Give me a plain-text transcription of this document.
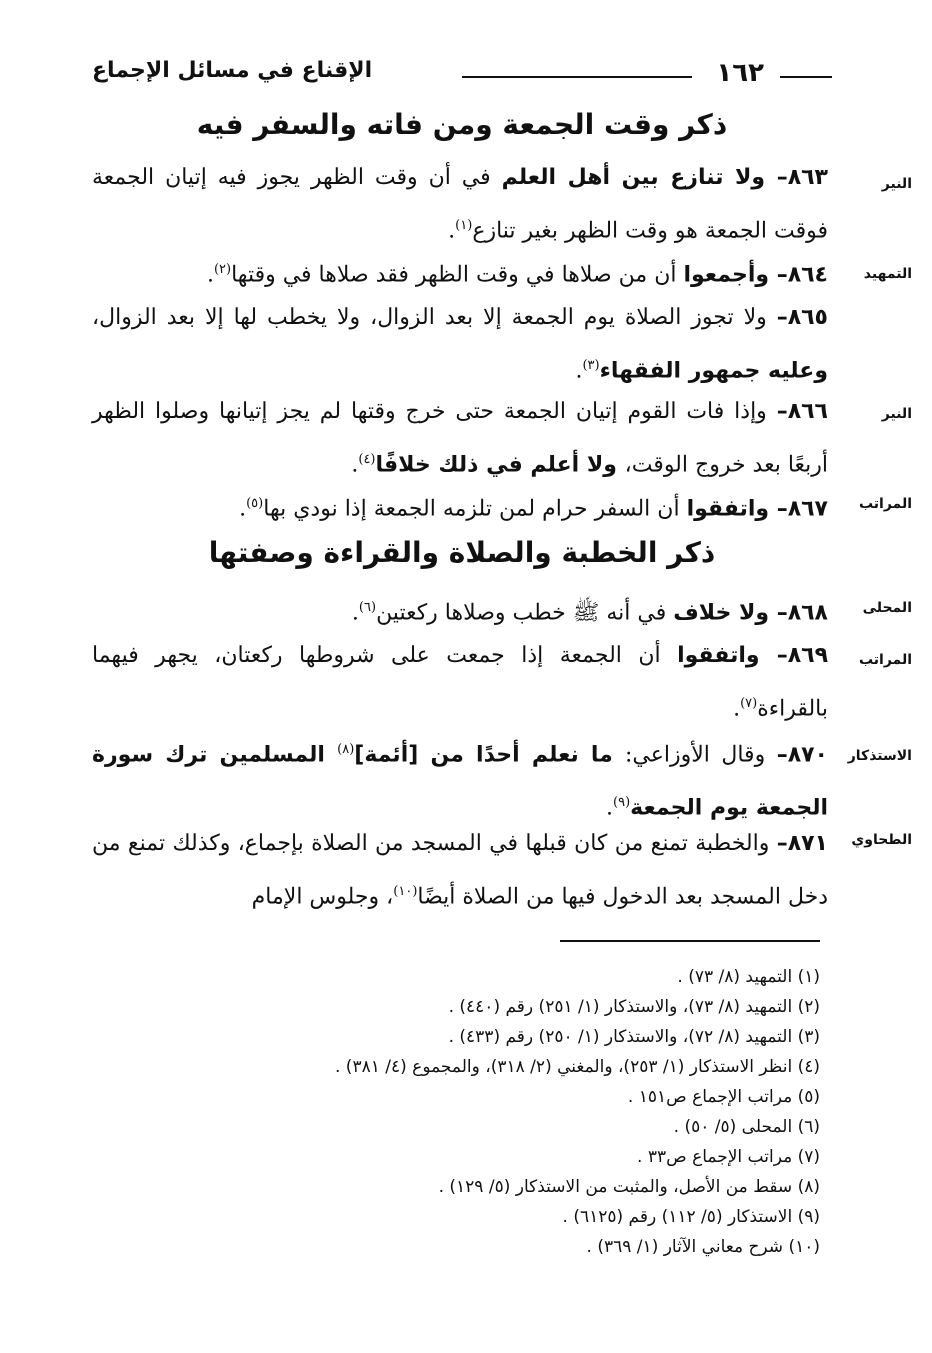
١٦٢
الإقناع في مسائل الإجماع
ذكر وقت الجمعة ومن فاته والسفر فيه
النير
٨٦٣– ولا تنازع بين أهل العلم في أن وقت الظهر يجوز فيه إتيان الجمعة فوقت الجمعة هو وقت الظهر بغير تنازع$^{(١)}$.
التمهيد
٨٦٤– وأجمعوا أن من صلاها في وقت الظهر فقد صلاها في وقتها$^{(٢)}$.
٨٦٥– ولا تجوز الصلاة يوم الجمعة إلا بعد الزوال، ولا يخطب لها إلا بعد الزوال، وعليه جمهور الفقهاء$^{(٣)}$.
النير
٨٦٦– وإذا فات القوم إتيان الجمعة حتى خرج وقتها لم يجز إتيانها وصلوا الظهر أربعًا بعد خروج الوقت، ولا أعلم في ذلك خلافًا$^{(٤)}$.
المراتب
٨٦٧– واتفقوا أن السفر حرام لمن تلزمه الجمعة إذا نودي بها$^{(٥)}$.
ذكر الخطبة والصلاة والقراءة وصفتها
المحلى
٨٦٨– ولا خلاف في أنه ﷺ خطب وصلاها ركعتين$^{(٦)}$.
المراتب
٨٦٩– واتفقوا أن الجمعة إذا جمعت على شروطها ركعتان، يجهر فيهما بالقراءة$^{(٧)}$.
الاستذكار
٨٧٠– وقال الأوزاعي: ما نعلم أحدًا من [أئمة]$^{(٨)}$ المسلمين ترك سورة الجمعة يوم الجمعة$^{(٩)}$.
الطحاوي
٨٧١– والخطبة تمنع من كان قبلها في المسجد من الصلاة بإجماع، وكذلك تمنع من دخل المسجد بعد الدخول فيها من الصلاة أيضًا$^{(١٠)}$، وجلوس الإمام
(١) التمهيد (٨/ ٧٣) .
(٢) التمهيد (٨/ ٧٣)، والاستذكار (١/ ٢٥١) رقم (٤٤٠) .
(٣) التمهيد (٨/ ٧٢)، والاستذكار (١/ ٢٥٠) رقم (٤٣٣) .
(٤) انظر الاستذكار (١/ ٢٥٣)، والمغني (٢/ ٣١٨)، والمجموع (٤/ ٣٨١) .
(٥) مراتب الإجماع ص١٥١ .
(٦) المحلى (٥/ ٥٠) .
(٧) مراتب الإجماع ص٣٣ .
(٨) سقط من الأصل، والمثبت من الاستذكار (٥/ ١٢٩) .
(٩) الاستذكار (٥/ ١١٢) رقم (٦١٢٥) .
(١٠) شرح معاني الآثار (١/ ٣٦٩) .
